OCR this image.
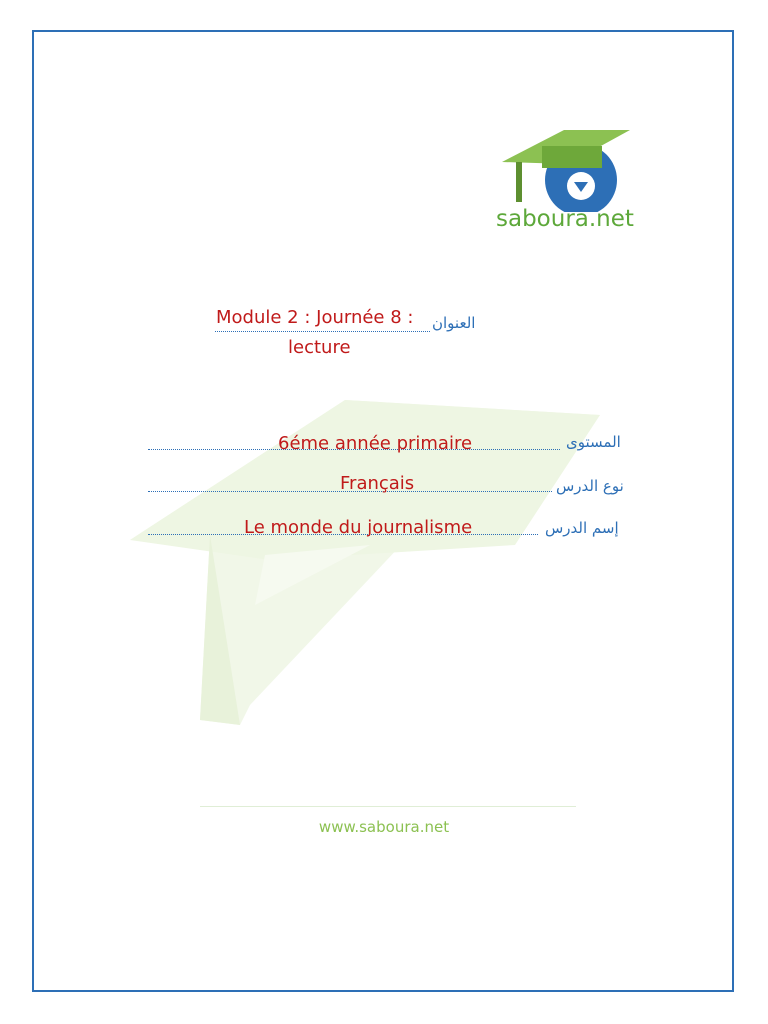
saboura.net
العنوان
Module 2 : Journée 8 :
lecture
المستوى
6éme année primaire
نوع الدرس
Français
إسم الدرس
Le monde du journalisme
www.saboura.net
